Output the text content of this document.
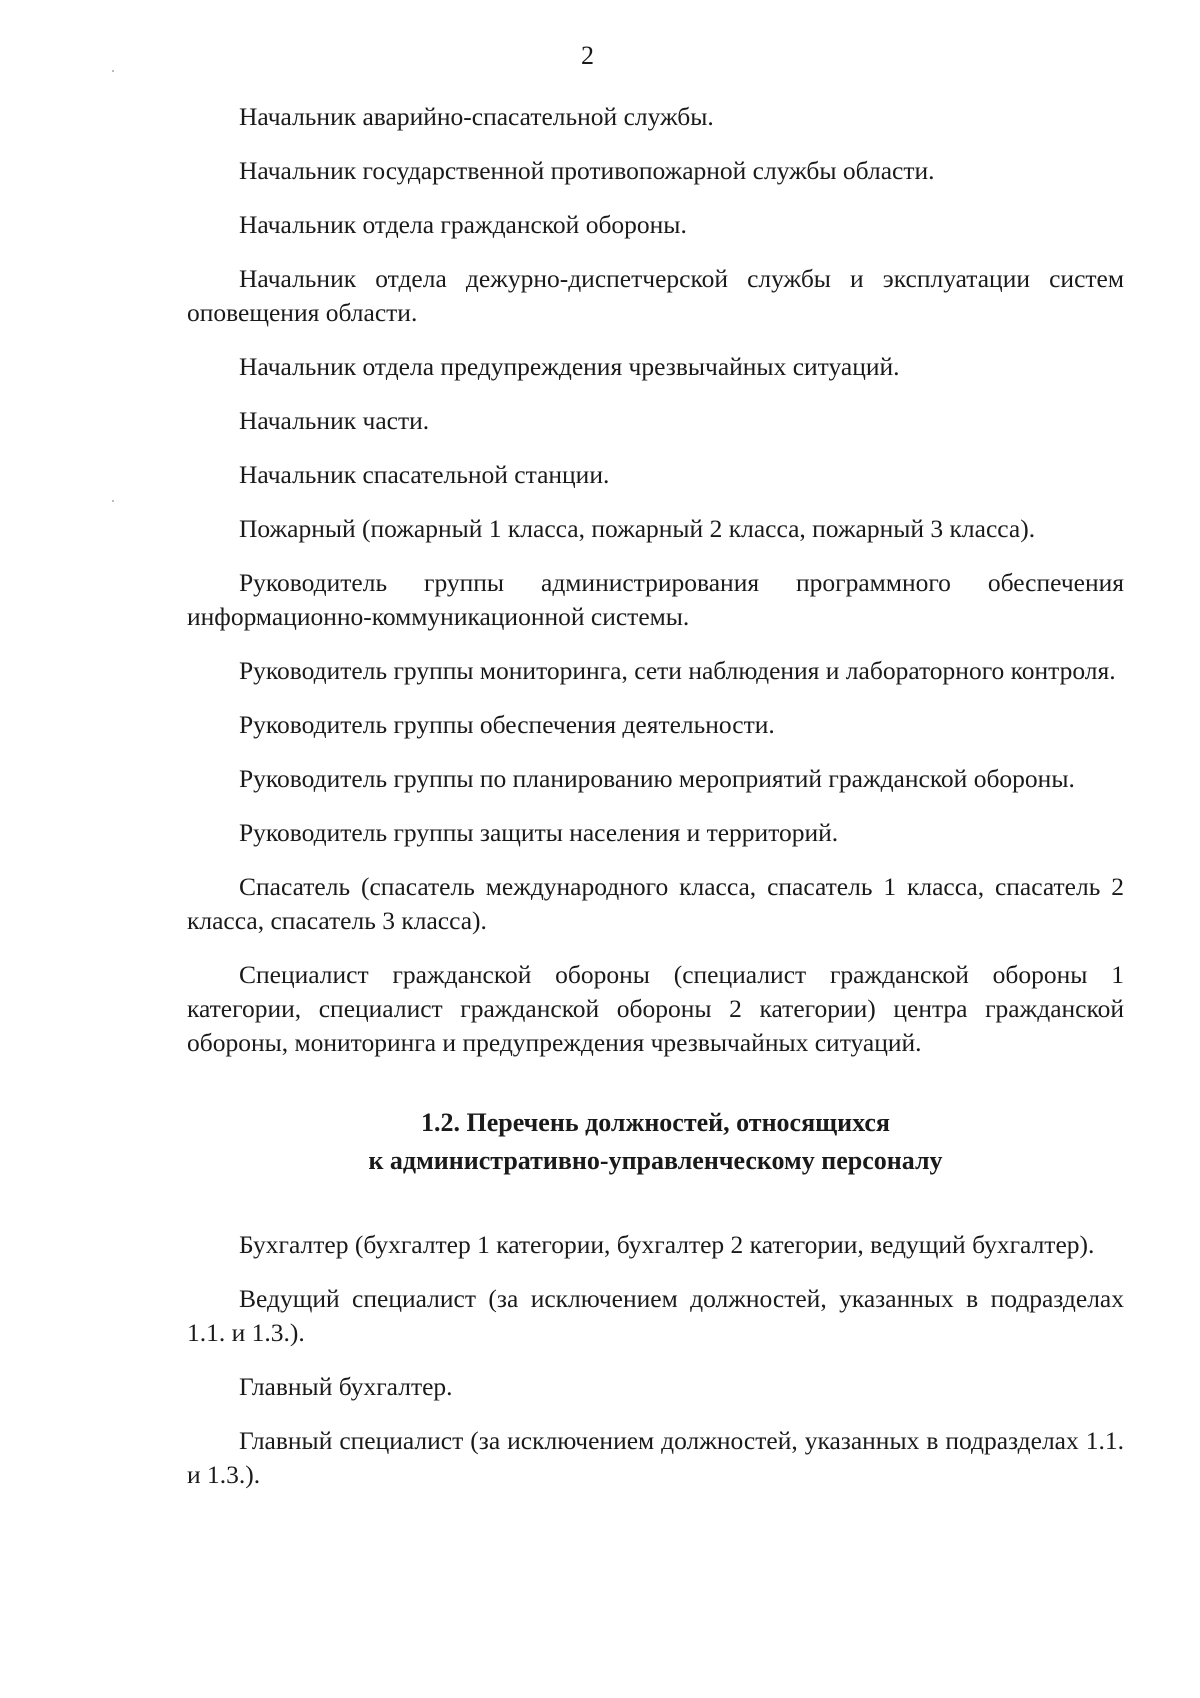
2

Начальник аварийно-спасательной службы.

Начальник государственной противопожарной службы области.

Начальник отдела гражданской обороны.

Начальник отдела дежурно-диспетчерской службы и эксплуатации систем оповещения области.

Начальник отдела предупреждения чрезвычайных ситуаций.

Начальник части.

Начальник спасательной станции.

Пожарный (пожарный 1 класса, пожарный 2 класса, пожарный 3 класса).

Руководитель группы администрирования программного обеспечения информационно-коммуникационной системы.

Руководитель группы мониторинга, сети наблюдения и лабораторного контроля.

Руководитель группы обеспечения деятельности.

Руководитель группы по планированию мероприятий гражданской обороны.

Руководитель группы защиты населения и территорий.

Спасатель (спасатель международного класса, спасатель 1 класса, спасатель 2 класса, спасатель 3 класса).

Специалист гражданской обороны (специалист гражданской обороны 1 категории, специалист гражданской обороны 2 категории) центра гражданской обороны, мониторинга и предупреждения чрезвычайных ситуаций.

1.2. Перечень должностей, относящихся
к административно-управленческому персоналу

Бухгалтер (бухгалтер 1 категории, бухгалтер 2 категории, ведущий бухгалтер).

Ведущий специалист (за исключением должностей, указанных в подразделах 1.1. и 1.3.).

Главный бухгалтер.

Главный специалист (за исключением должностей, указанных в подразделах 1.1. и 1.3.).
